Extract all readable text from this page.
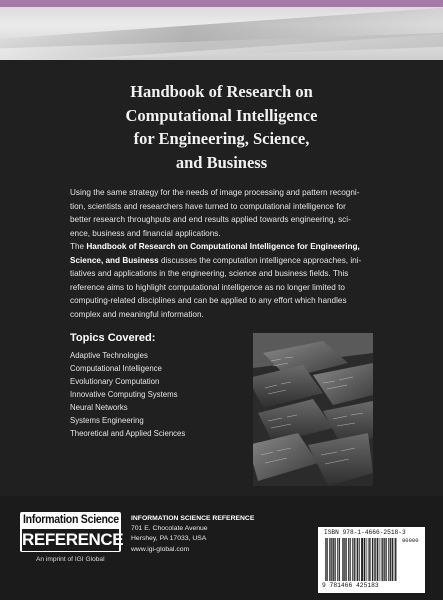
Handbook of Research on
Computational Intelligence
for Engineering, Science,
and Business

Using the same strategy for the needs of image processing and pattern recogni-
tion, scientists and researchers have turned to computational intelligence for
better research throughputs and end results applied towards engineering, sci-
ence, business and financial applications.

The Handbook of Research on Computational Intelligence for Engineering,
Science, and Business discusses the computation intelligence approaches, ini-
tiatives and applications in the engineering, science and business fields. This
reference aims to highlight computational intelligence as no longer limited to
computing-related disciplines and can be applied to any effort which handles
complex and meaningful information.

Topics Covered:
Adaptive Technologies
Computational Intelligence
Evolutionary Computation
Innovative Computing Systems
Neural Networks
Systems Engineering
Theoretical and Applied Sciences
Information Science
REFERENCE
An imprint of IGI Global
INFORMATION SCIENCE REFERENCE
701 E. Chocolate Avenue
Hershey, PA 17033, USA
www.igi-global.com
ISBN 978-1-4666-2518-3
90000
9 781466 425183
